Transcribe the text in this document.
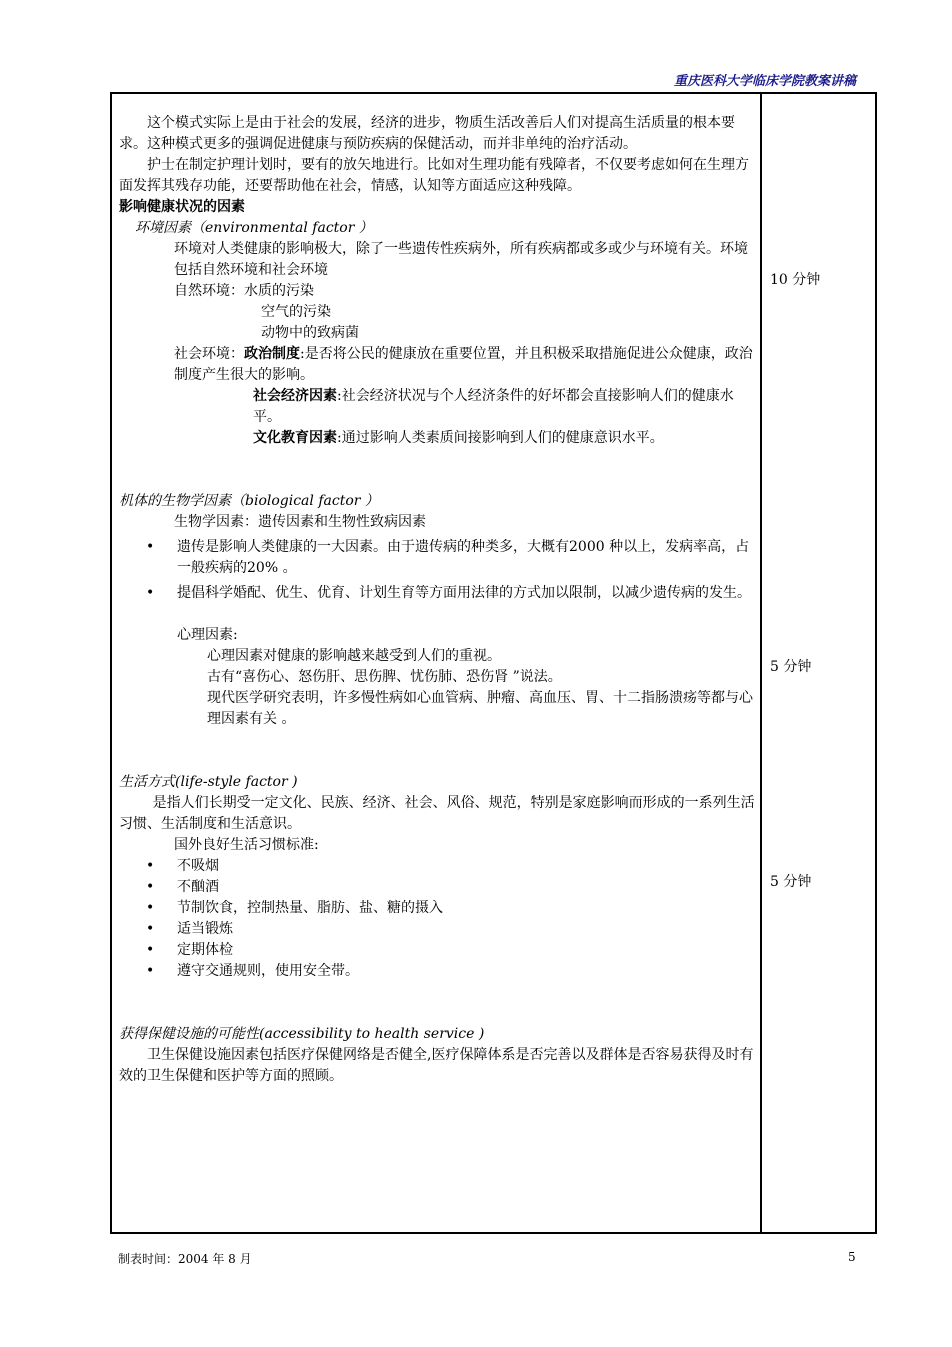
重庆医科大学临床学院教案讲稿

这个模式实际上是由于社会的发展，经济的进步，物质生活改善后人们对提高生活质量的根本要求。这种模式更多的强调促进健康与预防疾病的保健活动，而并非单纯的治疗活动。

护士在制定护理计划时，要有的放矢地进行。比如对生理功能有残障者，不仅要考虑如何在生理方面发挥其残存功能，还要帮助他在社会，情感，认知等方面适应这种残障。

影响健康状况的因素

环境因素（environmental factor ）

环境对人类健康的影响极大，除了一些遗传性疾病外，所有疾病都或多或少与环境有关。环境包括自然环境和社会环境

自然环境：水质的污染

空气的污染

动物中的致病菌

社会环境：政治制度:是否将公民的健康放在重要位置，并且积极采取措施促进公众健康，政治制度产生很大的影响。

社会经济因素:社会经济状况与个人经济条件的好坏都会直接影响人们的健康水平。

文化教育因素:通过影响人类素质间接影响到人们的健康意识水平。

机体的生物学因素（biological factor ）

生物学因素：遗传因素和生物性致病因素

• 遗传是影响人类健康的一大因素。由于遗传病的种类多，大概有2000 种以上，发病率高，占一般疾病的20% 。
• 提倡科学婚配、优生、优育、计划生育等方面用法律的方式加以限制，以减少遗传病的发生。

心理因素:

心理因素对健康的影响越来越受到人们的重视。

古有“喜伤心、怒伤肝、思伤脾、忧伤肺、恐伤肾 ”说法。

现代医学研究表明，许多慢性病如心血管病、肿瘤、高血压、胃、十二指肠溃疡等都与心理因素有关 。

生活方式(life-style factor )

是指人们长期受一定文化、民族、经济、社会、风俗、规范，特别是家庭影响而形成的一系列生活习惯、生活制度和生活意识。

国外良好生活习惯标准:

• 不吸烟
• 不酗酒
• 节制饮食，控制热量、脂肪、盐、糖的摄入
• 适当锻炼
• 定期体检
• 遵守交通规则，使用安全带。

获得保健设施的可能性(accessibility to health service )

卫生保健设施因素包括医疗保健网络是否健全,医疗保障体系是否完善以及群体是否容易获得及时有效的卫生保健和医护等方面的照顾。

10 分钟
5 分钟
5 分钟
制表时间：2004 年 8 月	5
